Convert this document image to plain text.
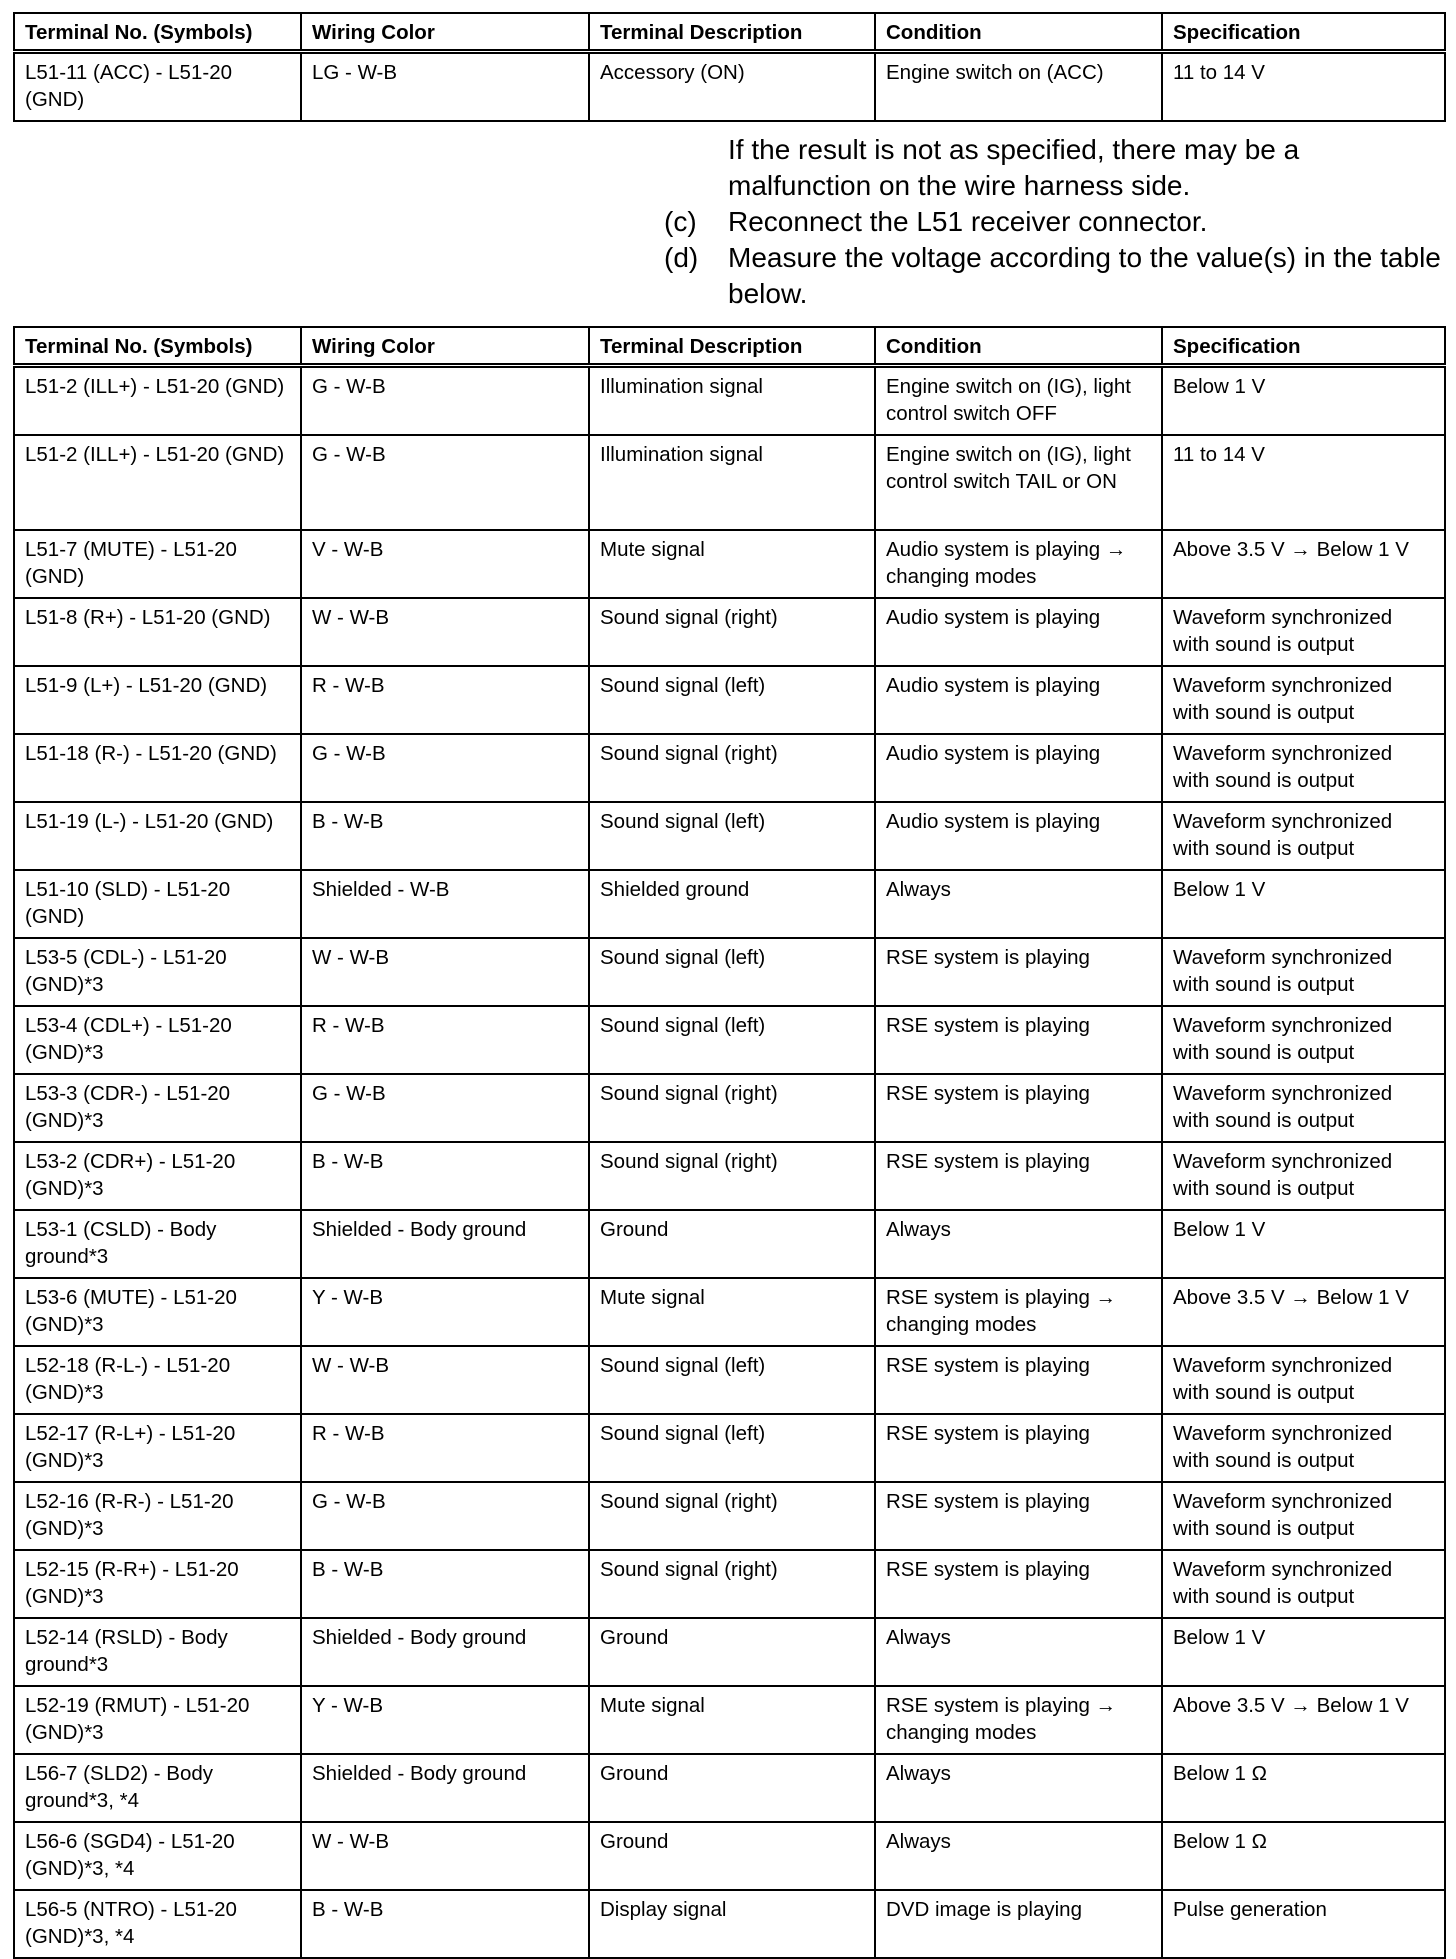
Terminal No. (Symbols)	Wiring Color	Terminal Description	Condition	Specification
L51-11 (ACC) - L51-20 (GND)	LG - W-B	Accessory (ON)	Engine switch on (ACC)	11 to 14 V
If the result is not as specified, there may be a malfunction on the wire harness side.
(c)	Reconnect the L51 receiver connector.
(d)	Measure the voltage according to the value(s) in the table below.
Terminal No. (Symbols)	Wiring Color	Terminal Description	Condition	Specification
L51-2 (ILL+) - L51-20 (GND)	G - W-B	Illumination signal	Engine switch on (IG), light control switch OFF	Below 1 V
L51-2 (ILL+) - L51-20 (GND)	G - W-B	Illumination signal	Engine switch on (IG), light control switch TAIL or ON	11 to 14 V
L51-7 (MUTE) - L51-20 (GND)	V - W-B	Mute signal	Audio system is playing → changing modes	Above 3.5 V → Below 1 V
L51-8 (R+) - L51-20 (GND)	W - W-B	Sound signal (right)	Audio system is playing	Waveform synchronized with sound is output
L51-9 (L+) - L51-20 (GND)	R - W-B	Sound signal (left)	Audio system is playing	Waveform synchronized with sound is output
L51-18 (R-) - L51-20 (GND)	G - W-B	Sound signal (right)	Audio system is playing	Waveform synchronized with sound is output
L51-19 (L-) - L51-20 (GND)	B - W-B	Sound signal (left)	Audio system is playing	Waveform synchronized with sound is output
L51-10 (SLD) - L51-20 (GND)	Shielded - W-B	Shielded ground	Always	Below 1 V
L53-5 (CDL-) - L51-20 (GND)*3	W - W-B	Sound signal (left)	RSE system is playing	Waveform synchronized with sound is output
L53-4 (CDL+) - L51-20 (GND)*3	R - W-B	Sound signal (left)	RSE system is playing	Waveform synchronized with sound is output
L53-3 (CDR-) - L51-20 (GND)*3	G - W-B	Sound signal (right)	RSE system is playing	Waveform synchronized with sound is output
L53-2 (CDR+) - L51-20 (GND)*3	B - W-B	Sound signal (right)	RSE system is playing	Waveform synchronized with sound is output
L53-1 (CSLD) - Body ground*3	Shielded - Body ground	Ground	Always	Below 1 V
L53-6 (MUTE) - L51-20 (GND)*3	Y - W-B	Mute signal	RSE system is playing → changing modes	Above 3.5 V → Below 1 V
L52-18 (R-L-) - L51-20 (GND)*3	W - W-B	Sound signal (left)	RSE system is playing	Waveform synchronized with sound is output
L52-17 (R-L+) - L51-20 (GND)*3	R - W-B	Sound signal (left)	RSE system is playing	Waveform synchronized with sound is output
L52-16 (R-R-) - L51-20 (GND)*3	G - W-B	Sound signal (right)	RSE system is playing	Waveform synchronized with sound is output
L52-15 (R-R+) - L51-20 (GND)*3	B - W-B	Sound signal (right)	RSE system is playing	Waveform synchronized with sound is output
L52-14 (RSLD) - Body ground*3	Shielded - Body ground	Ground	Always	Below 1 V
L52-19 (RMUT) - L51-20 (GND)*3	Y - W-B	Mute signal	RSE system is playing → changing modes	Above 3.5 V → Below 1 V
L56-7 (SLD2) - Body ground*3, *4	Shielded - Body ground	Ground	Always	Below 1 Ω
L56-6 (SGD4) - L51-20 (GND)*3, *4	W - W-B	Ground	Always	Below 1 Ω
L56-5 (NTRO) - L51-20 (GND)*3, *4	B - W-B	Display signal	DVD image is playing	Pulse generation
